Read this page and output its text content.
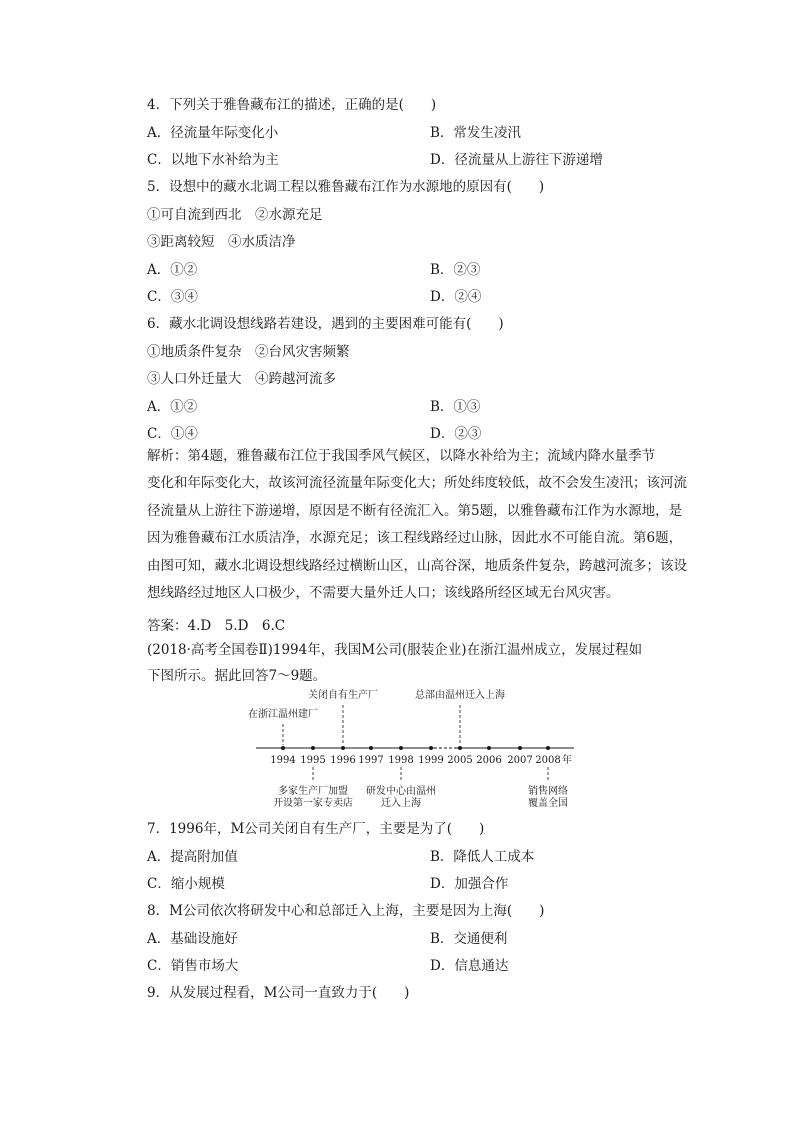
4．下列关于雅鲁藏布江的描述，正确的是(　　)
A．径流量年际变化小	B．常发生凌汛
C．以地下水补给为主	D．径流量从上游往下游递增
5．设想中的藏水北调工程以雅鲁藏布江作为水源地的原因有(　　)
①可自流到西北　②水源充足
③距离较短　④水质洁净
A．①②	B．②③
C．③④	D．②④
6．藏水北调设想线路若建设，遇到的主要困难可能有(　　)
①地质条件复杂　②台风灾害频繁
③人口外迁量大　④跨越河流多
A．①②	B．①③
C．①④	D．②③
解析：第4题，雅鲁藏布江位于我国季风气候区，以降水补给为主；流域内降水量季节
变化和年际变化大，故该河流径流量年际变化大；所处纬度较低，故不会发生凌汛；该河流
径流量从上游往下游递增，原因是不断有径流汇入。第5题，以雅鲁藏布江作为水源地，是
因为雅鲁藏布江水质洁净，水源充足；该工程线路经过山脉，因此水不可能自流。第6题，
由图可知，藏水北调设想线路经过横断山区，山高谷深，地质条件复杂，跨越河流多；该设
想线路经过地区人口极少，不需要大量外迁人口；该线路所经区域无台风灾害。
答案：4.D　5.D　6.C
(2018·高考全国卷Ⅱ)1994年，我国M公司(服装企业)在浙江温州成立，发展过程如
下图所示。据此回答7～9题。
1994 1995 1996 1997 1998 1999 2005 2006 2007 2008 年
在浙江温州建厂
关闭自有生产厂	总部由温州迁入上海
多家生产厂加盟
开设第一家专卖店
研发中心由温州
迁入上海
销售网络
覆盖全国
7．1996年，M公司关闭自有生产厂，主要是为了(　　)
A．提高附加值	B．降低人工成本
C．缩小规模	D．加强合作
8．M公司依次将研发中心和总部迁入上海，主要是因为上海(　　)
A．基础设施好	B．交通便利
C．销售市场大	D．信息通达
9．从发展过程看，M公司一直致力于(　　)
